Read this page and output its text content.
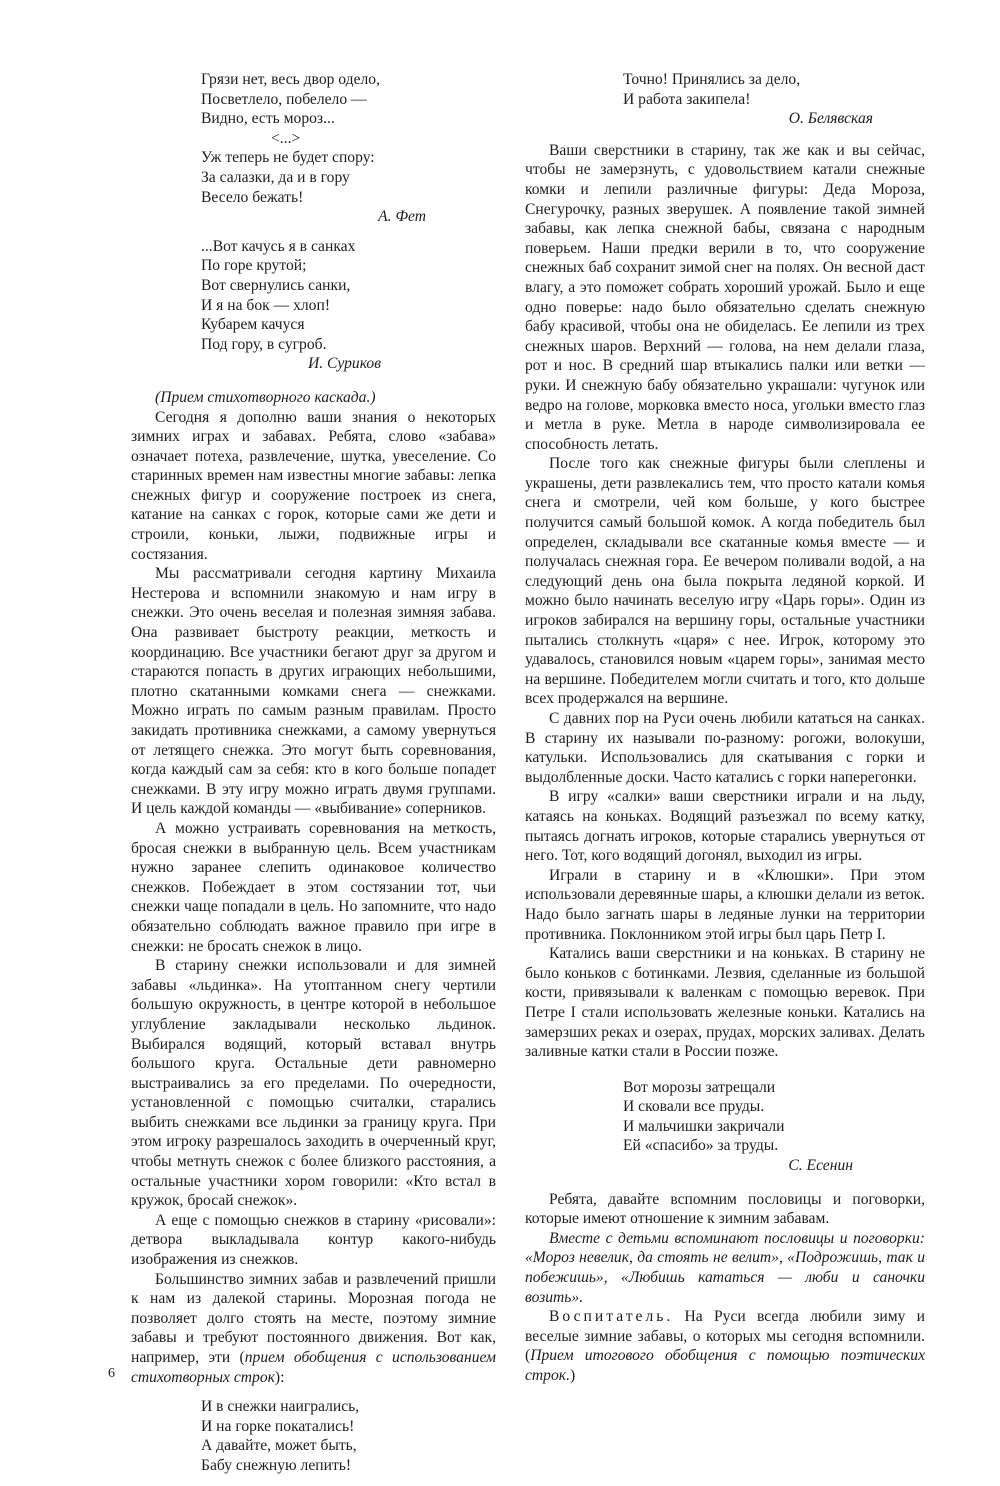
Грязи нет, весь двор одело,
Посветлело, побелело —
Видно, есть мороз...
<...>
Уж теперь не будет спору:
За салазки, да и в гору
Весело бежать!
А. Фет
...Вот качусь я в санках
По горе крутой;
Вот свернулись санки,
И я на бок — хлоп!
Кубарем качуся
Под гору, в сугроб.
И. Суриков

(Прием стихотворного каскада.)

Сегодня я дополню ваши знания о некоторых зимних играх и забавах. Ребята, слово «забава» означает потеха, развлечение, шутка, увеселение. Со старинных времен нам известны многие забавы: лепка снежных фигур и сооружение построек из снега, катание на санках с горок, которые сами же дети и строили, коньки, лыжи, подвижные игры и состязания.

Мы рассматривали сегодня картину Михаила Нестерова и вспомнили знакомую и нам игру в снежки. Это очень веселая и полезная зимняя забава. Она развивает быстроту реакции, меткость и координацию. Все участники бегают друг за другом и стараются попасть в других играющих небольшими, плотно скатанными комками снега — снежками. Можно играть по самым разным правилам. Просто закидать противника снежками, а самому увернуться от летящего снежка. Это могут быть соревнования, когда каждый сам за себя: кто в кого больше попадет снежками. В эту игру можно играть двумя группами. И цель каждой команды — «выбивание» соперников.

А можно устраивать соревнования на меткость, бросая снежки в выбранную цель. Всем участникам нужно заранее слепить одинаковое количество снежков. Побеждает в этом состязании тот, чьи снежки чаще попадали в цель. Но запомните, что надо обязательно соблюдать важное правило при игре в снежки: не бросать снежок в лицо.

В старину снежки использовали и для зимней забавы «льдинка». На утоптанном снегу чертили большую окружность, в центре которой в небольшое углубление закладывали несколько льдинок. Выбирался водящий, который вставал внутрь большого круга. Остальные дети равномерно выстраивались за его пределами. По очередности, установленной с помощью считалки, старались выбить снежками все льдинки за границу круга. При этом игроку разрешалось заходить в очерченный круг, чтобы метнуть снежок с более близкого расстояния, а остальные участники хором говорили: «Кто встал в кружок, бросай снежок».

А еще с помощью снежков в старину «рисовали»: детвора выкладывала контур какого-нибудь изображения из снежков.

Большинство зимних забав и развлечений пришли к нам из далекой старины. Морозная погода не позволяет долго стоять на месте, поэтому зимние забавы и требуют постоянного движения. Вот как, например, эти (прием обобщения с использованием стихотворных строк):

И в снежки наигрались,
И на горке покатались!
А давайте, может быть,
Бабу снежную лепить!
Точно! Принялись за дело,
И работа закипела!
О. Белявская

Ваши сверстники в старину, так же как и вы сейчас, чтобы не замерзнуть, с удовольствием катали снежные комки и лепили различные фигуры: Деда Мороза, Снегурочку, разных зверушек. А появление такой зимней забавы, как лепка снежной бабы, связана с народным поверьем. Наши предки верили в то, что сооружение снежных баб сохранит зимой снег на полях. Он весной даст влагу, а это поможет собрать хороший урожай. Было и еще одно поверье: надо было обязательно сделать снежную бабу красивой, чтобы она не обиделась. Ее лепили из трех снежных шаров. Верхний — голова, на нем делали глаза, рот и нос. В средний шар втыкались палки или ветки — руки. И снежную бабу обязательно украшали: чугунок или ведро на голове, морковка вместо носа, угольки вместо глаз и метла в руке. Метла в народе символизировала ее способность летать.

После того как снежные фигуры были слеплены и украшены, дети развлекались тем, что просто катали комья снега и смотрели, чей ком больше, у кого быстрее получится самый большой комок. А когда победитель был определен, складывали все скатанные комья вместе — и получалась снежная гора. Ее вечером поливали водой, а на следующий день она была покрыта ледяной коркой. И можно было начинать веселую игру «Царь горы». Один из игроков забирался на вершину горы, остальные участники пытались столкнуть «царя» с нее. Игрок, которому это удавалось, становился новым «царем горы», занимая место на вершине. Победителем могли считать и того, кто дольше всех продержался на вершине.

С давних пор на Руси очень любили кататься на санках. В старину их называли по-разному: рогожи, волокуши, катульки. Использовались для скатывания с горки и выдолбленные доски. Часто катались с горки наперегонки.

В игру «салки» ваши сверстники играли и на льду, катаясь на коньках. Водящий разъезжал по всему катку, пытаясь догнать игроков, которые старались увернуться от него. Тот, кого водящий догонял, выходил из игры.

Играли в старину и в «Клюшки». При этом использовали деревянные шары, а клюшки делали из веток. Надо было загнать шары в ледяные лунки на территории противника. Поклонником этой игры был царь Петр I.

Катались ваши сверстники и на коньках. В старину не было коньков с ботинками. Лезвия, сделанные из большой кости, привязывали к валенкам с помощью веревок. При Петре I стали использовать железные коньки. Катались на замерзших реках и озерах, прудах, морских заливах. Делать заливные катки стали в России позже.

Вот морозы затрещали
И сковали все пруды.
И мальчишки закричали
Ей «спасибо» за труды.
С. Есенин

Ребята, давайте вспомним пословицы и поговорки, которые имеют отношение к зимним забавам.

Вместе с детьми вспоминают пословицы и поговорки: «Мороз невелик, да стоять не велит», «Подрожишь, так и побежишь», «Любишь кататься — люби и саночки возить».

Воспитатель. На Руси всегда любили зиму и веселые зимние забавы, о которых мы сегодня вспомнили. (Прием итогового обобщения с помощью поэтических строк.)

6
